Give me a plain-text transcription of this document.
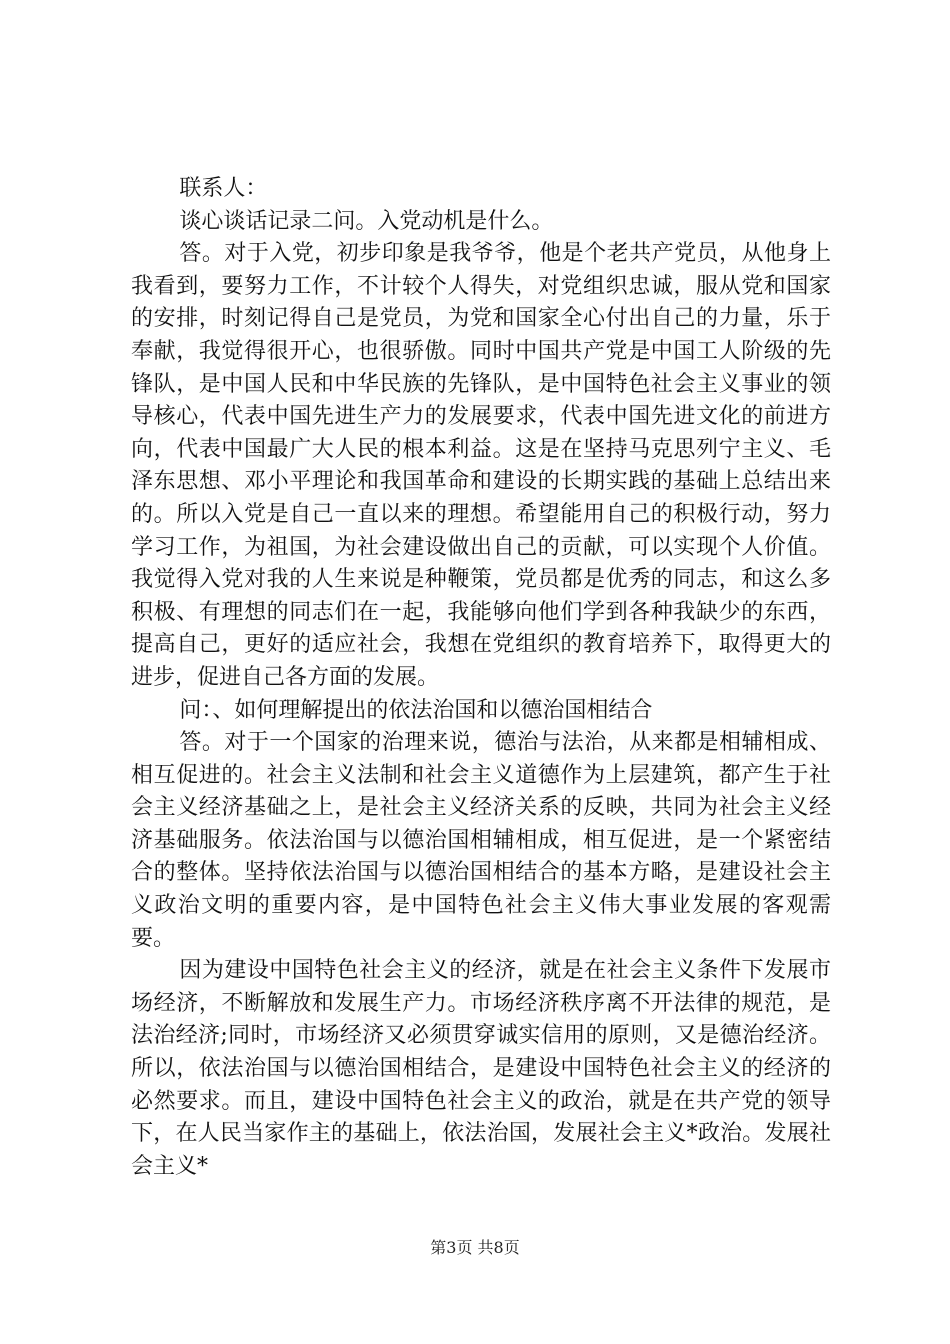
联系人：

谈心谈话记录二问。入党动机是什么。

答。对于入党，初步印象是我爷爷，他是个老共产党员，从他身上我看到，要努力工作，不计较个人得失，对党组织忠诚，服从党和国家的安排，时刻记得自己是党员，为党和国家全心付出自己的力量，乐于奉献，我觉得很开心，也很骄傲。同时中国共产党是中国工人阶级的先锋队，是中国人民和中华民族的先锋队，是中国特色社会主义事业的领导核心，代表中国先进生产力的发展要求，代表中国先进文化的前进方向，代表中国最广大人民的根本利益。这是在坚持马克思列宁主义、毛泽东思想、邓小平理论和我国革命和建设的长期实践的基础上总结出来的。所以入党是自己一直以来的理想。希望能用自己的积极行动，努力学习工作，为祖国，为社会建设做出自己的贡献，可以实现个人价值。我觉得入党对我的人生来说是种鞭策，党员都是优秀的同志，和这么多积极、有理想的同志们在一起，我能够向他们学到各种我缺少的东西，提高自己，更好的适应社会，我想在党组织的教育培养下，取得更大的进步，促进自己各方面的发展。

问：、如何理解提出的依法治国和以德治国相结合

答。对于一个国家的治理来说，德治与法治，从来都是相辅相成、相互促进的。社会主义法制和社会主义道德作为上层建筑，都产生于社会主义经济基础之上，是社会主义经济关系的反映，共同为社会主义经济基础服务。依法治国与以德治国相辅相成，相互促进，是一个紧密结合的整体。坚持依法治国与以德治国相结合的基本方略，是建设社会主义政治文明的重要内容，是中国特色社会主义伟大事业发展的客观需要。

因为建设中国特色社会主义的经济，就是在社会主义条件下发展市场经济，不断解放和发展生产力。市场经济秩序离不开法律的规范，是法治经济;同时，市场经济又必须贯穿诚实信用的原则，又是德治经济。所以，依法治国与以德治国相结合，是建设中国特色社会主义的经济的必然要求。而且，建设中国特色社会主义的政治，就是在共产党的领导下，在人民当家作主的基础上，依法治国，发展社会主义*政治。发展社会主义*

第3页 共8页
